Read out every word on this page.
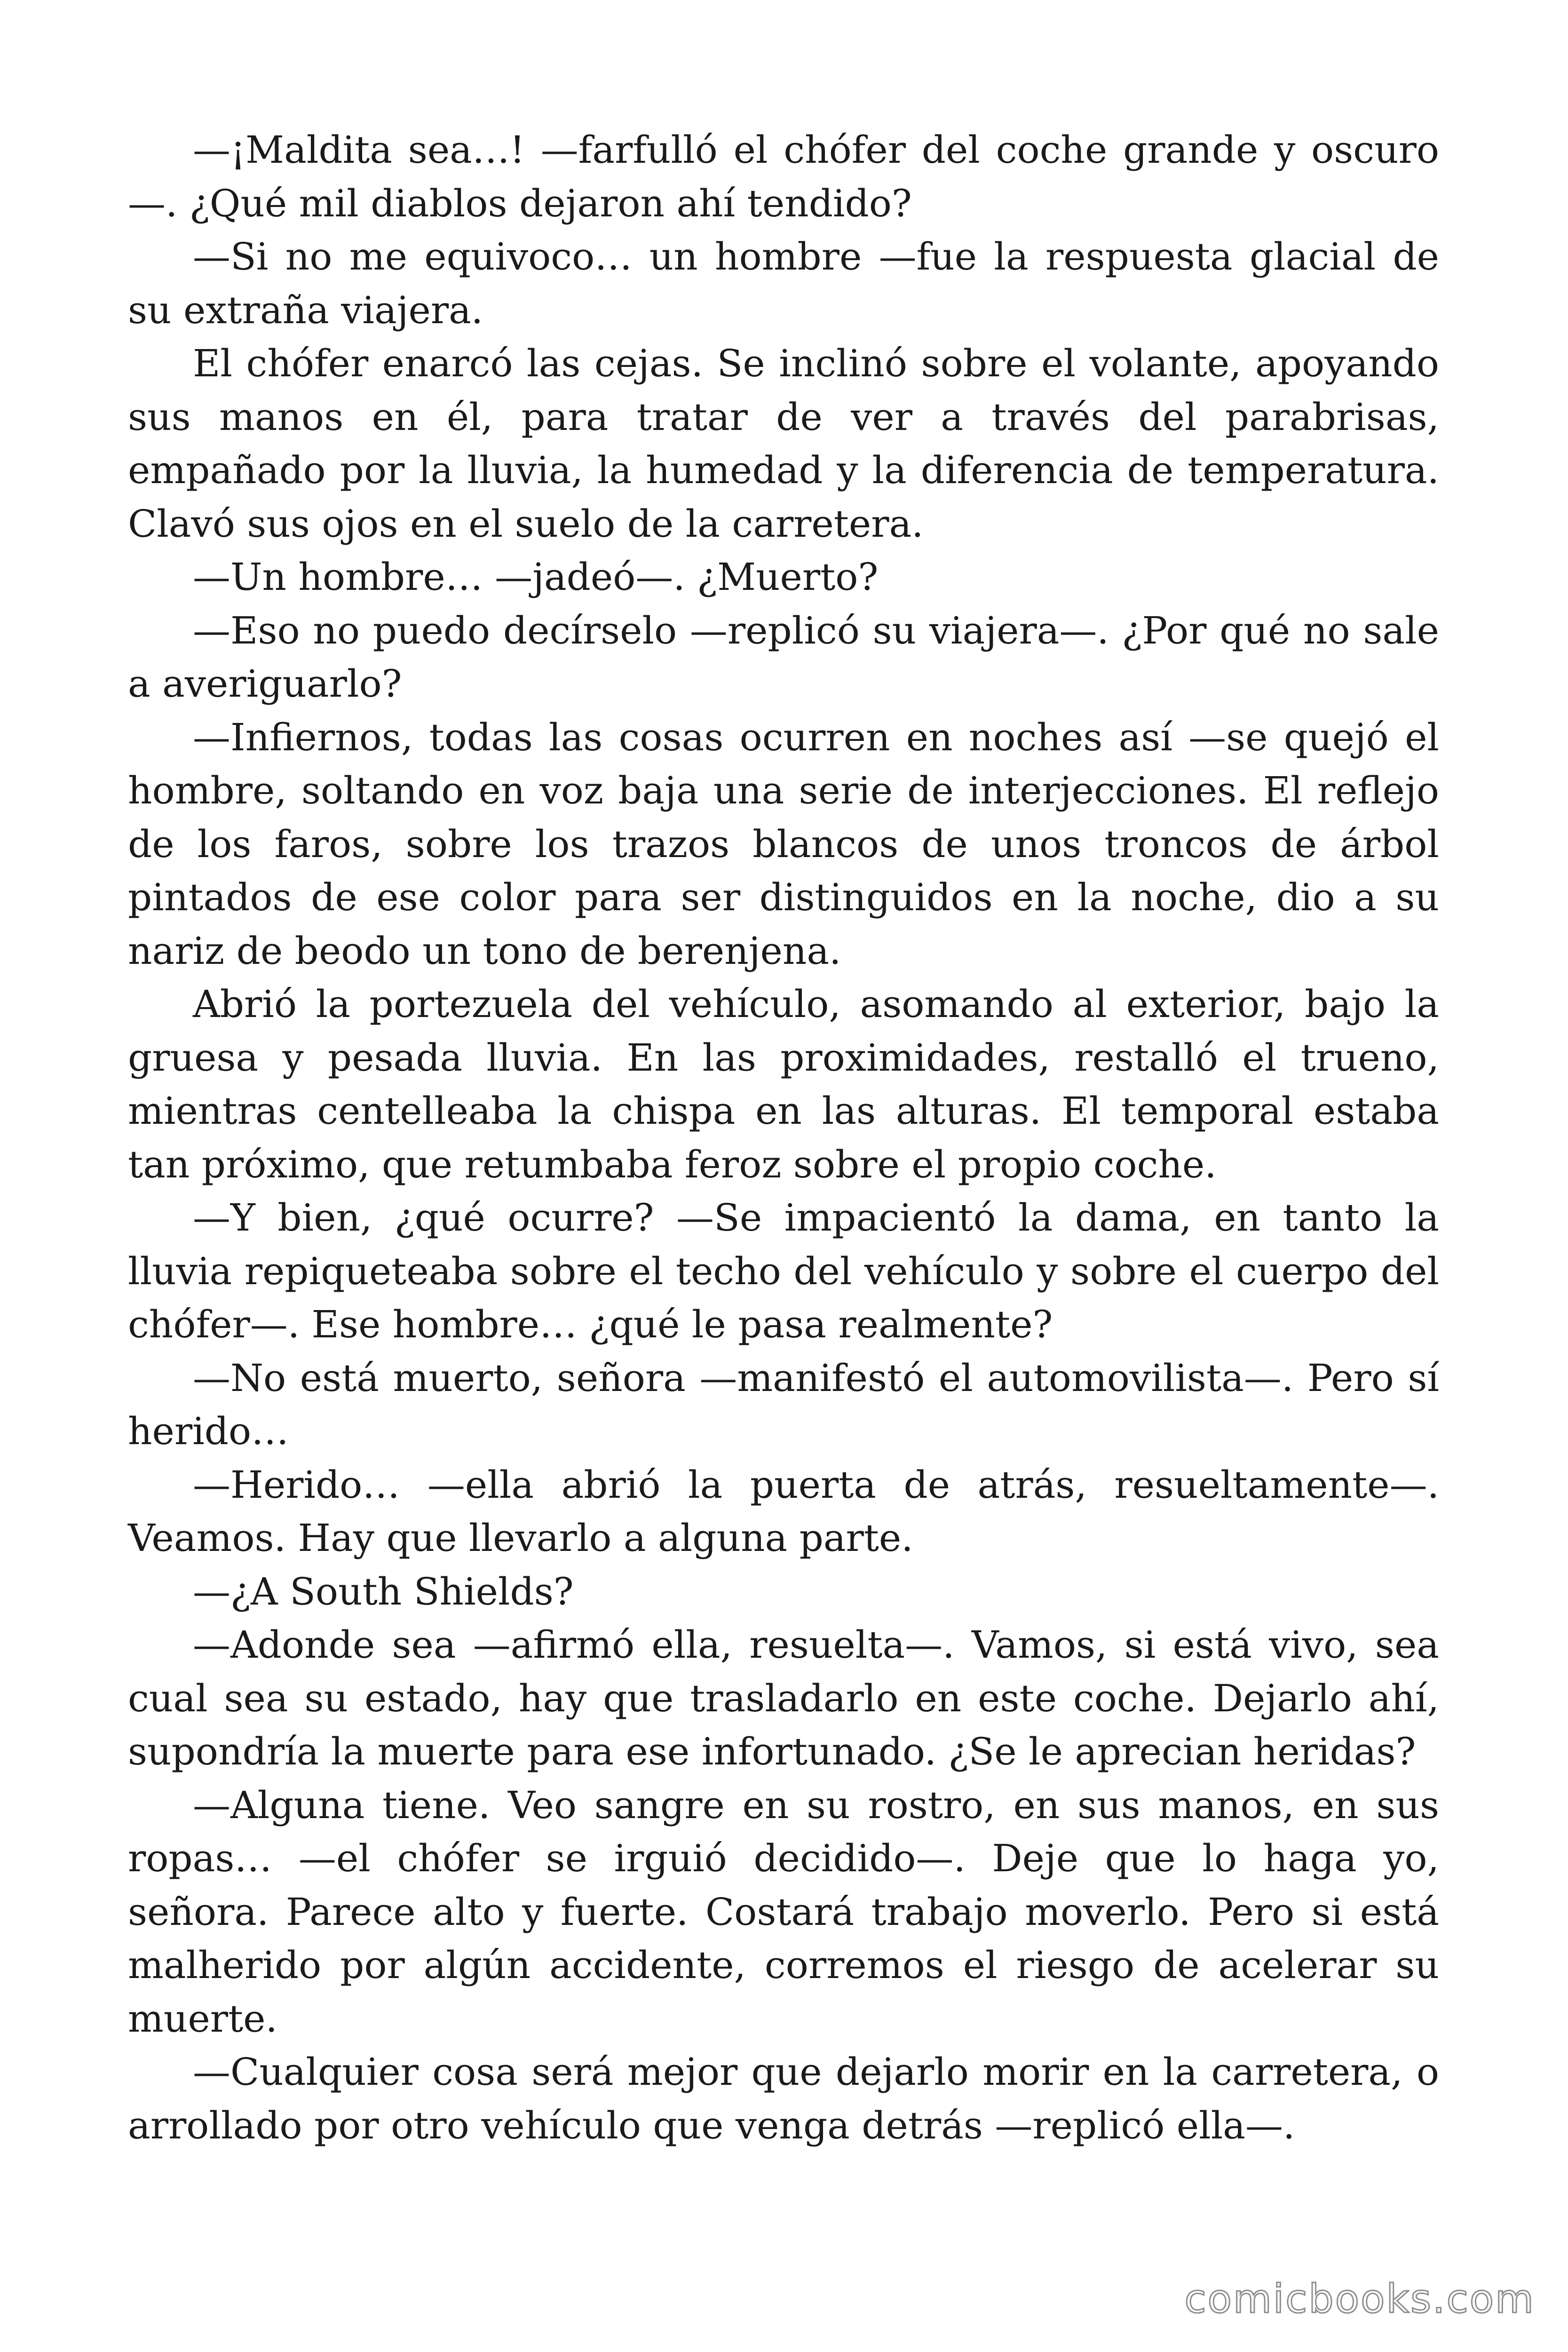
—¡Maldita sea…! —farfulló el chófer del coche grande y oscuro —. ¿Qué mil diablos dejaron ahí tendido?

—Si no me equivoco… un hombre —fue la respuesta glacial de su extraña viajera.

El chófer enarcó las cejas. Se inclinó sobre el volante, apoyando sus manos en él, para tratar de ver a través del parabrisas, empañado por la lluvia, la humedad y la diferencia de temperatura. Clavó sus ojos en el suelo de la carretera.

—Un hombre… —jadeó—. ¿Muerto?

—Eso no puedo decírselo —replicó su viajera—. ¿Por qué no sale a averiguarlo?

—Infiernos, todas las cosas ocurren en noches así —se quejó el hombre, soltando en voz baja una serie de interjecciones. El reflejo de los faros, sobre los trazos blancos de unos troncos de árbol pintados de ese color para ser distinguidos en la noche, dio a su nariz de beodo un tono de berenjena.

Abrió la portezuela del vehículo, asomando al exterior, bajo la gruesa y pesada lluvia. En las proximidades, restalló el trueno, mientras centelleaba la chispa en las alturas. El temporal estaba tan próximo, que retumbaba feroz sobre el propio coche.

—Y bien, ¿qué ocurre? —Se impacientó la dama, en tanto la lluvia repiqueteaba sobre el techo del vehículo y sobre el cuerpo del chófer—. Ese hombre… ¿qué le pasa realmente?

—No está muerto, señora —manifestó el automovilista—. Pero sí herido…

—Herido… —ella abrió la puerta de atrás, resueltamente—. Veamos. Hay que llevarlo a alguna parte.

—¿A South Shields?

—Adonde sea —afirmó ella, resuelta—. Vamos, si está vivo, sea cual sea su estado, hay que trasladarlo en este coche. Dejarlo ahí, supondría la muerte para ese infortunado. ¿Se le aprecian heridas?

—Alguna tiene. Veo sangre en su rostro, en sus manos, en sus ropas… —el chófer se irguió decidido—. Deje que lo haga yo, señora. Parece alto y fuerte. Costará trabajo moverlo. Pero si está malherido por algún accidente, corremos el riesgo de acelerar su muerte.

—Cualquier cosa será mejor que dejarlo morir en la carretera, o arrollado por otro vehículo que venga detrás —replicó ella—.

comicbooks.com
